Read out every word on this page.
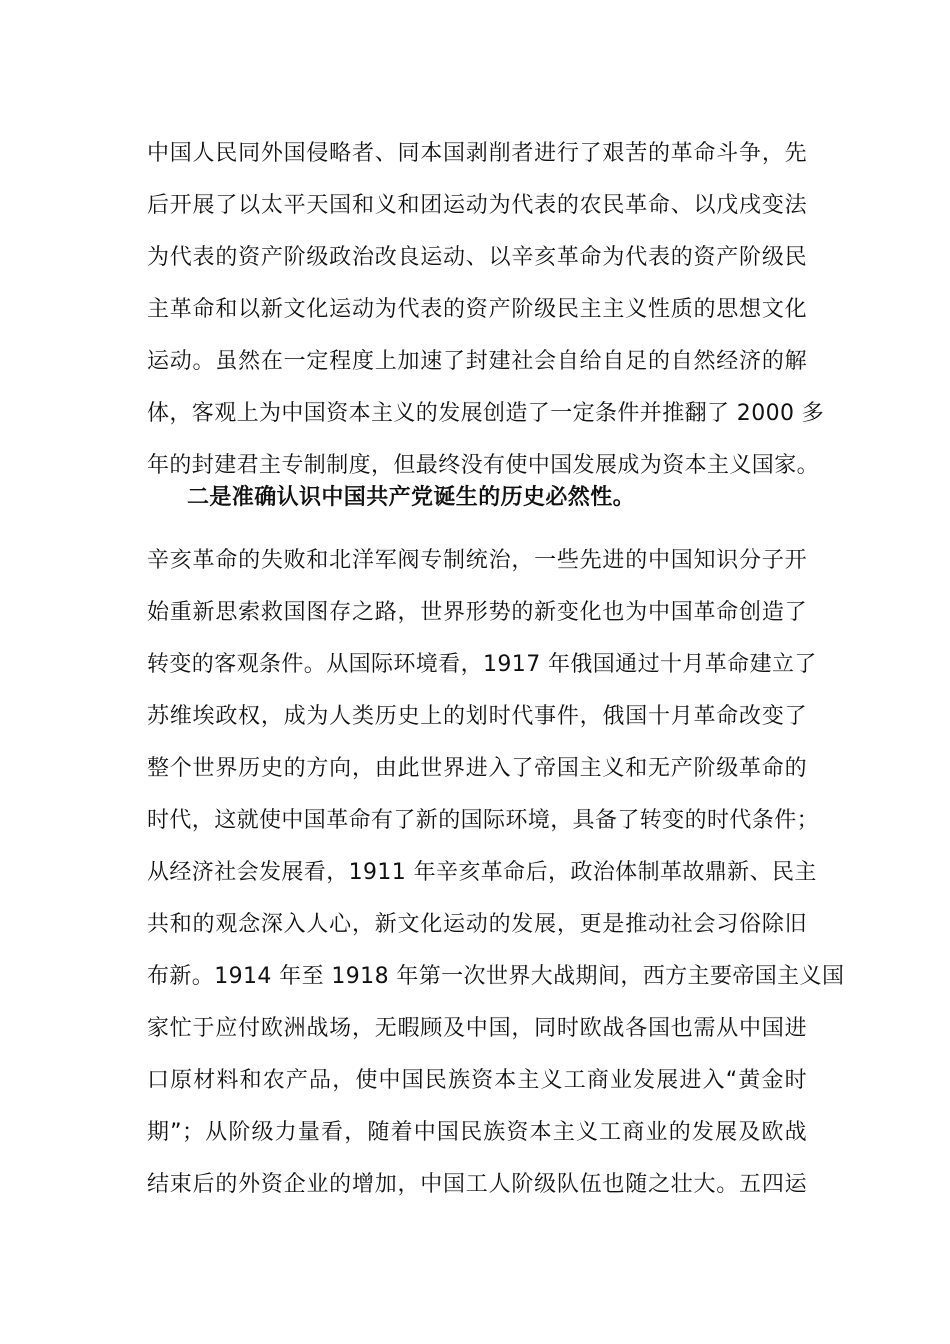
中国人民同外国侵略者、同本国剥削者进行了艰苦的革命斗争，先
后开展了以太平天国和义和团运动为代表的农民革命、以戊戌变法
为代表的资产阶级政治改良运动、以辛亥革命为代表的资产阶级民
主革命和以新文化运动为代表的资产阶级民主主义性质的思想文化
运动。虽然在一定程度上加速了封建社会自给自足的自然经济的解
体，客观上为中国资本主义的发展创造了一定条件并推翻了 2000 多
年的封建君主专制制度，但最终没有使中国发展成为资本主义国家。
二是准确认识中国共产党诞生的历史必然性。
辛亥革命的失败和北洋军阀专制统治，一些先进的中国知识分子开
始重新思索救国图存之路，世界形势的新变化也为中国革命创造了
转变的客观条件。从国际环境看，1917 年俄国通过十月革命建立了
苏维埃政权，成为人类历史上的划时代事件，俄国十月革命改变了
整个世界历史的方向，由此世界进入了帝国主义和无产阶级革命的
时代，这就使中国革命有了新的国际环境，具备了转变的时代条件；
从经济社会发展看，1911 年辛亥革命后，政治体制革故鼎新、民主
共和的观念深入人心，新文化运动的发展，更是推动社会习俗除旧
布新。1914 年至 1918 年第一次世界大战期间，西方主要帝国主义国
家忙于应付欧洲战场，无暇顾及中国，同时欧战各国也需从中国进
口原材料和农产品，使中国民族资本主义工商业发展进入“黄金时
期”；从阶级力量看，随着中国民族资本主义工商业的发展及欧战
结束后的外资企业的增加，中国工人阶级队伍也随之壮大。五四运
